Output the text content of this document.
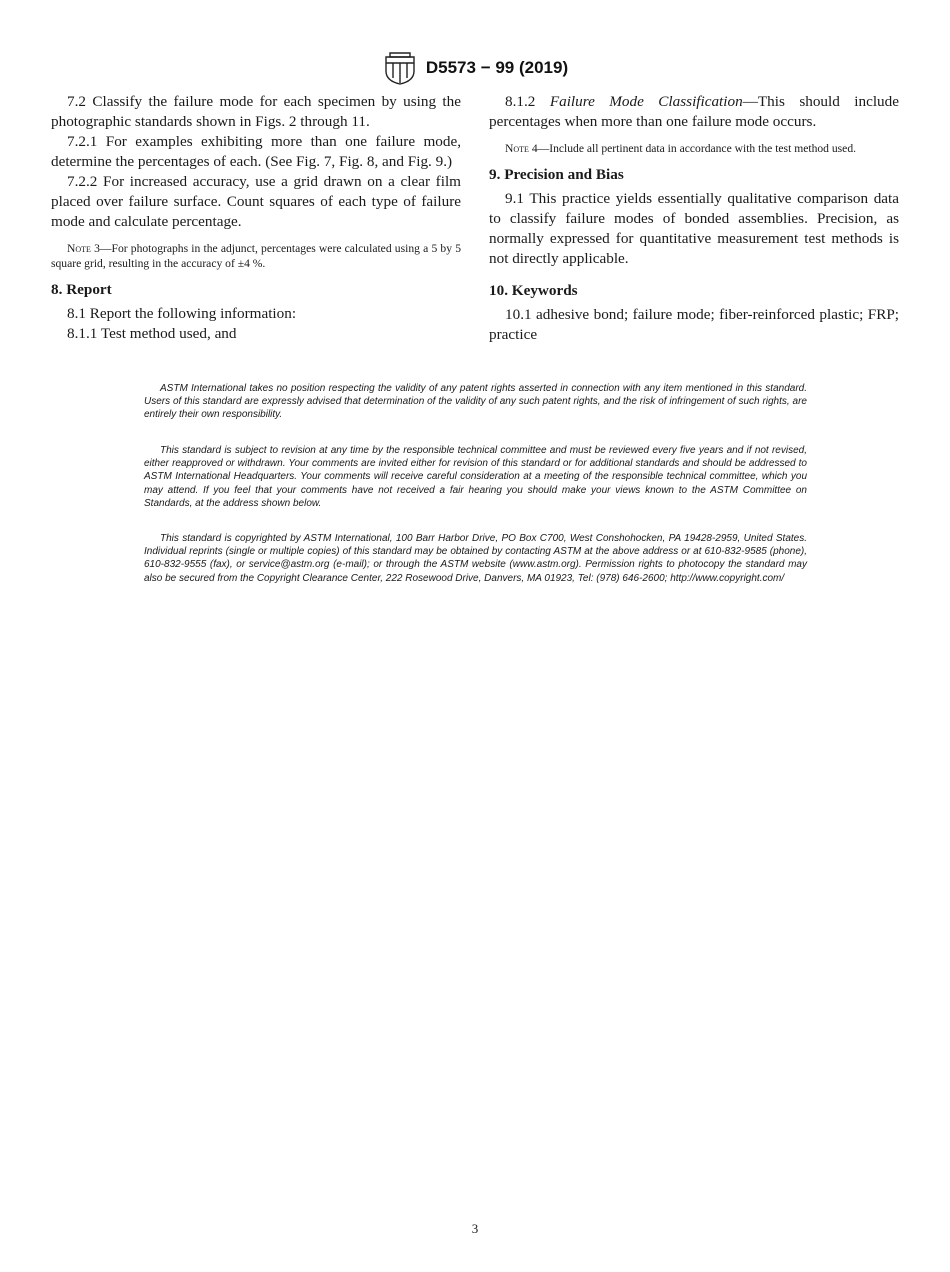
D5573 − 99 (2019)

7.2 Classify the failure mode for each specimen by using the photographic standards shown in Figs. 2 through 11.

7.2.1 For examples exhibiting more than one failure mode, determine the percentages of each. (See Fig. 7, Fig. 8, and Fig. 9.)

7.2.2 For increased accuracy, use a grid drawn on a clear film placed over failure surface. Count squares of each type of failure mode and calculate percentage.

Note 3—For photographs in the adjunct, percentages were calculated using a 5 by 5 square grid, resulting in the accuracy of ±4 %.
8. Report

8.1 Report the following information:

8.1.1 Test method used, and

8.1.2 Failure Mode Classification—This should include percentages when more than one failure mode occurs.

Note 4—Include all pertinent data in accordance with the test method used.
9. Precision and Bias

9.1 This practice yields essentially qualitative comparison data to classify failure modes of bonded assemblies. Precision, as normally expressed for quantitative measurement test methods is not directly applicable.

10. Keywords

10.1 adhesive bond; failure mode; fiber-reinforced plastic; FRP; practice

ASTM International takes no position respecting the validity of any patent rights asserted in connection with any item mentioned in this standard. Users of this standard are expressly advised that determination of the validity of any such patent rights, and the risk of infringement of such rights, are entirely their own responsibility.

This standard is subject to revision at any time by the responsible technical committee and must be reviewed every five years and if not revised, either reapproved or withdrawn. Your comments are invited either for revision of this standard or for additional standards and should be addressed to ASTM International Headquarters. Your comments will receive careful consideration at a meeting of the responsible technical committee, which you may attend. If you feel that your comments have not received a fair hearing you should make your views known to the ASTM Committee on Standards, at the address shown below.

This standard is copyrighted by ASTM International, 100 Barr Harbor Drive, PO Box C700, West Conshohocken, PA 19428-2959, United States. Individual reprints (single or multiple copies) of this standard may be obtained by contacting ASTM at the above address or at 610-832-9585 (phone), 610-832-9555 (fax), or service@astm.org (e-mail); or through the ASTM website (www.astm.org). Permission rights to photocopy the standard may also be secured from the Copyright Clearance Center, 222 Rosewood Drive, Danvers, MA 01923, Tel: (978) 646-2600; http://www.copyright.com/

3
